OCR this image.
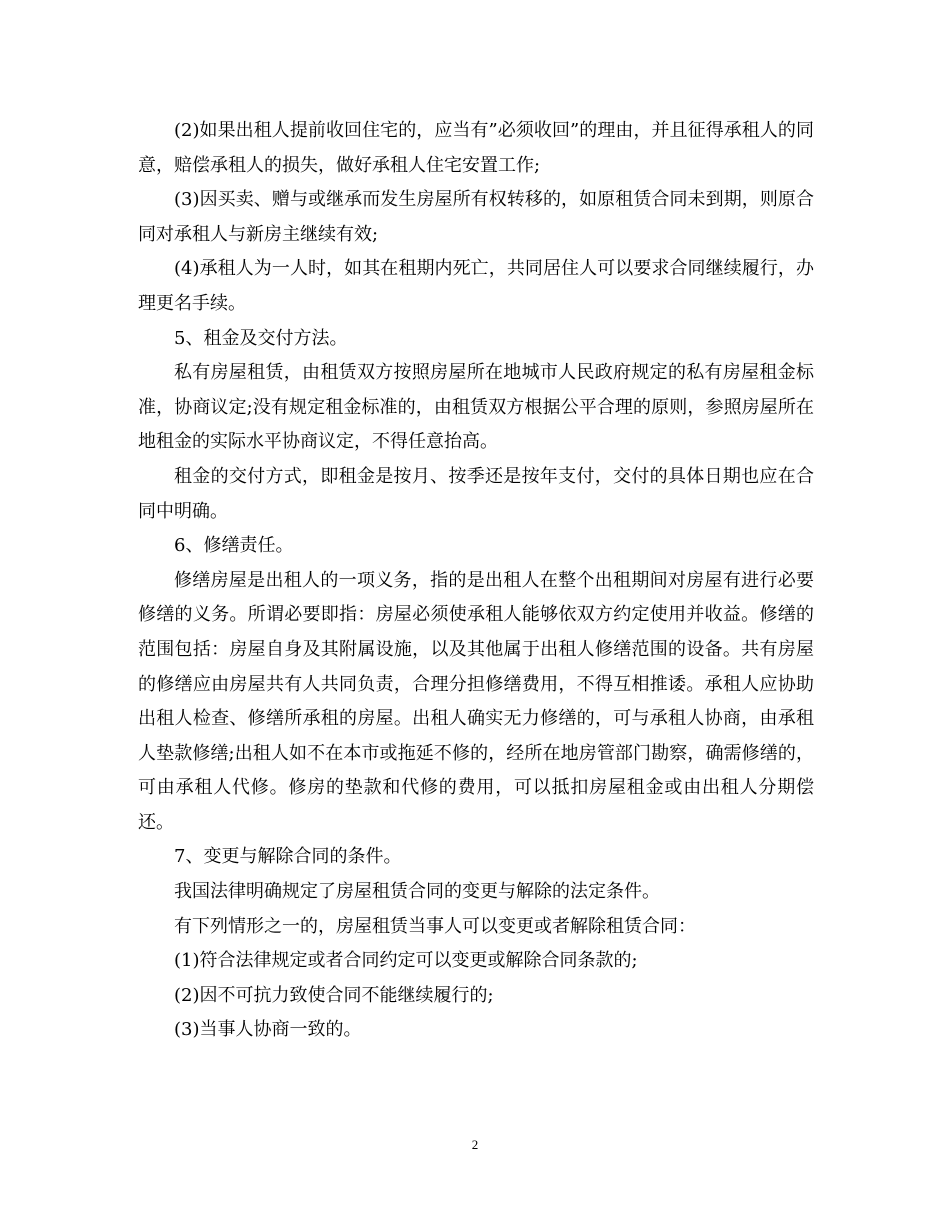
(2)如果出租人提前收回住宅的，应当有”必须收回”的理由，并且征得承租人的同意，赔偿承租人的损失，做好承租人住宅安置工作;

(3)因买卖、赠与或继承而发生房屋所有权转移的，如原租赁合同未到期，则原合同对承租人与新房主继续有效;

(4)承租人为一人时，如其在租期内死亡，共同居住人可以要求合同继续履行，办理更名手续。

5、租金及交付方法。

私有房屋租赁，由租赁双方按照房屋所在地城市人民政府规定的私有房屋租金标准，协商议定;没有规定租金标准的，由租赁双方根据公平合理的原则，参照房屋所在地租金的实际水平协商议定，不得任意抬高。

租金的交付方式，即租金是按月、按季还是按年支付，交付的具体日期也应在合同中明确。

6、修缮责任。

修缮房屋是出租人的一项义务，指的是出租人在整个出租期间对房屋有进行必要修缮的义务。所谓必要即指：房屋必须使承租人能够依双方约定使用并收益。修缮的范围包括：房屋自身及其附属设施，以及其他属于出租人修缮范围的设备。共有房屋的修缮应由房屋共有人共同负责，合理分担修缮费用，不得互相推诿。承租人应协助出租人检查、修缮所承租的房屋。出租人确实无力修缮的，可与承租人协商，由承租人垫款修缮;出租人如不在本市或拖延不修的，经所在地房管部门勘察，确需修缮的，可由承租人代修。修房的垫款和代修的费用，可以抵扣房屋租金或由出租人分期偿还。

7、变更与解除合同的条件。

我国法律明确规定了房屋租赁合同的变更与解除的法定条件。

有下列情形之一的，房屋租赁当事人可以变更或者解除租赁合同：

(1)符合法律规定或者合同约定可以变更或解除合同条款的;

(2)因不可抗力致使合同不能继续履行的;

(3)当事人协商一致的。

2
